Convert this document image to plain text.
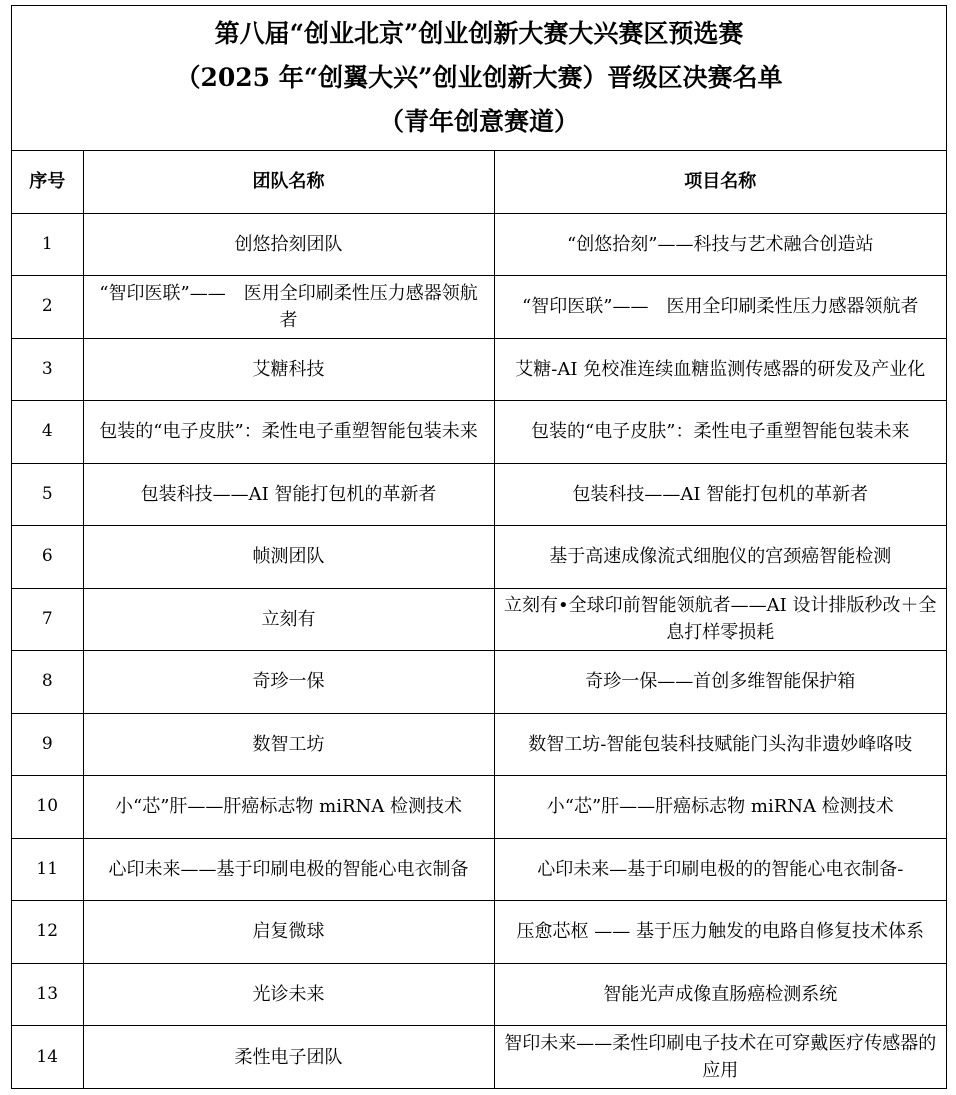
第八届“创业北京”创业创新大赛大兴赛区预选赛
（2025 年“创翼大兴”创业创新大赛）晋级区决赛名单
（青年创意赛道）
序号	团队名称	项目名称
1	创悠拾刻团队	“创悠拾刻”——科技与艺术融合创造站
2	“智印医联”——　医用全印刷柔性压力感器领航者	“智印医联”——　医用全印刷柔性压力感器领航者
3	艾糖科技	艾糖-AI 免校准连续血糖监测传感器的研发及产业化
4	包装的“电子皮肤”：柔性电子重塑智能包装未来	包装的“电子皮肤”：柔性电子重塑智能包装未来
5	包装科技——AI 智能打包机的革新者	包装科技——AI 智能打包机的革新者
6	帧测团队	基于高速成像流式细胞仪的宫颈癌智能检测
7	立刻有	立刻有•全球印前智能领航者——AI 设计排版秒改＋全息打样零损耗
8	奇珍一保	奇珍一保——首创多维智能保护箱
9	数智工坊	数智工坊-智能包装科技赋能门头沟非遗妙峰咯吱
10	小“芯”肝——肝癌标志物 miRNA 检测技术	小“芯”肝——肝癌标志物 miRNA 检测技术
11	心印未来——基于印刷电极的智能心电衣制备	心印未来—基于印刷电极的的智能心电衣制备-
12	启复微球	压愈芯枢 —— 基于压力触发的电路自修复技术体系
13	光诊未来	智能光声成像直肠癌检测系统
14	柔性电子团队	智印未来——柔性印刷电子技术在可穿戴医疗传感器的应用
